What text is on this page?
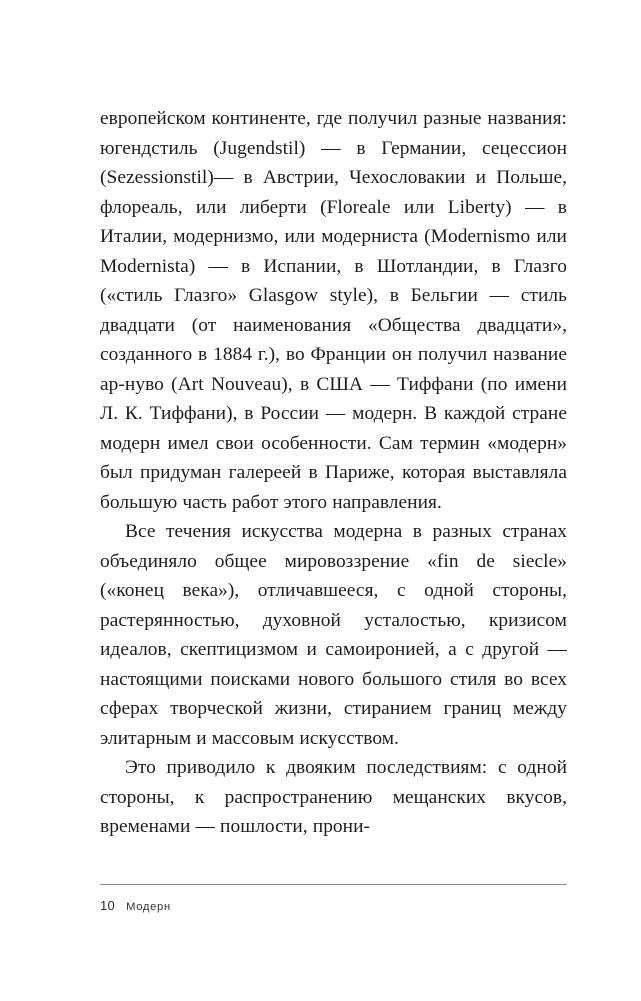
европейском континенте, где получил разные названия: югендстиль (Jugendstil) — в Германии, сецессион (Sezessionstil)— в Австрии, Чехословакии и Польше, флореаль, или либерти (Floreale или Liberty) — в Италии, модернизмо, или модерниста (Modernismo или Modernista) — в Испании, в Шотландии, в Глазго («стиль Глазго» Glasgow style), в Бельгии — стиль двадцати (от наименования «Общества двадцати», созданного в 1884 г.), во Франции он получил название ар-нуво (Art Nouveau), в США — Тиффани (по имени Л. К. Тиффани), в России — модерн. В каждой стране модерн имел свои особенности. Сам термин «модерн» был придуман галереей в Париже, которая выставляла большую часть работ этого направления.

Все течения искусства модерна в разных странах объединяло общее мировоззрение «fin de siecle» («конец века»), отличавшееся, с одной стороны, растерянностью, духовной усталостью, кризисом идеалов, скептицизмом и самоиронией, а с другой — настоящими поисками нового большого стиля во всех сферах творческой жизни, стиранием границ между элитарным и массовым искусством.

Это приводило к двояким последствиям: с одной стороны, к распространению мещанских вкусов, временами — пошлости, прони-

10 Модерн
